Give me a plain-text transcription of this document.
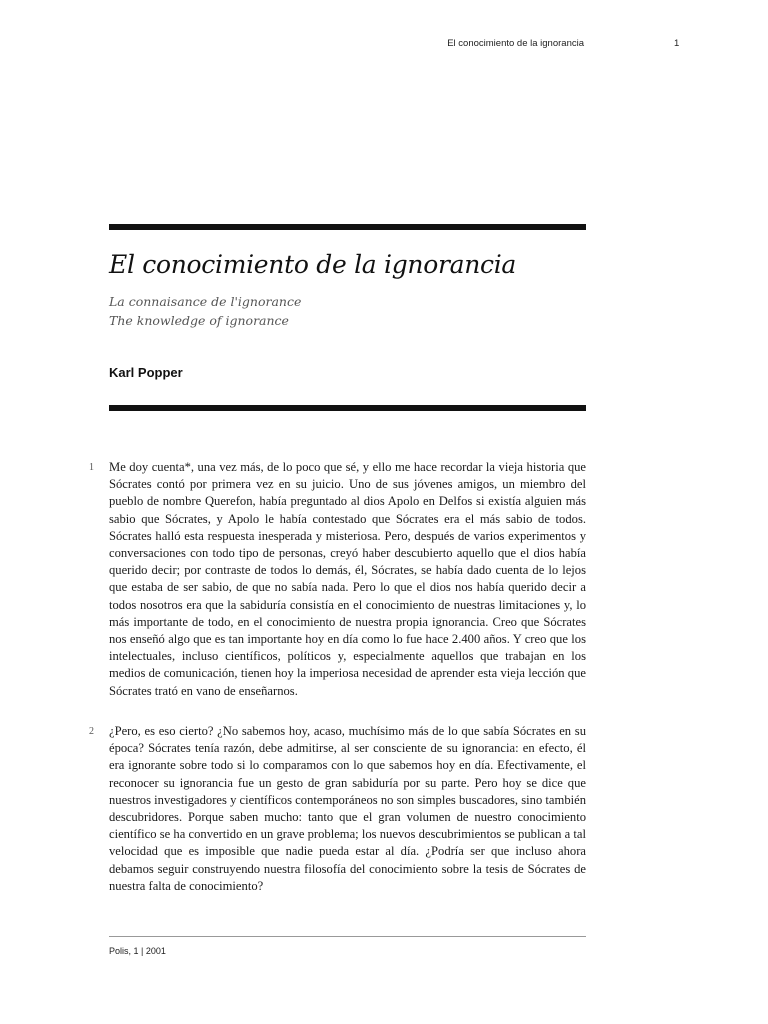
El conocimiento de la ignorancia	1
El conocimiento de la ignorancia
La connaisance de l'ignorance
The knowledge of ignorance
Karl Popper
1 Me doy cuenta*, una vez más, de lo poco que sé, y ello me hace recordar la vieja historia que Sócrates contó por primera vez en su juicio. Uno de sus jóvenes amigos, un miembro del pueblo de nombre Querefon, había preguntado al dios Apolo en Delfos si existía alguien más sabio que Sócrates, y Apolo le había contestado que Sócrates era el más sabio de todos. Sócrates halló esta respuesta inesperada y misteriosa. Pero, después de varios experimentos y conversaciones con todo tipo de personas, creyó haber descubierto aquello que el dios había querido decir; por contraste de todos lo demás, él, Sócrates, se había dado cuenta de lo lejos que estaba de ser sabio, de que no sabía nada. Pero lo que el dios nos había querido decir a todos nosotros era que la sabiduría consistía en el conocimiento de nuestras limitaciones y, lo más importante de todo, en el conocimiento de nuestra propia ignorancia. Creo que Sócrates nos enseñó algo que es tan importante hoy en día como lo fue hace 2.400 años. Y creo que los intelectuales, incluso científicos, políticos y, especialmente aquellos que trabajan en los medios de comunicación, tienen hoy la imperiosa necesidad de aprender esta vieja lección que Sócrates trató en vano de enseñarnos.

2 ¿Pero, es eso cierto? ¿No sabemos hoy, acaso, muchísimo más de lo que sabía Sócrates en su época? Sócrates tenía razón, debe admitirse, al ser consciente de su ignorancia: en efecto, él era ignorante sobre todo si lo comparamos con lo que sabemos hoy en día. Efectivamente, el reconocer su ignorancia fue un gesto de gran sabiduría por su parte. Pero hoy se dice que nuestros investigadores y científicos contemporáneos no son simples buscadores, sino también descubridores. Porque saben mucho: tanto que el gran volumen de nuestro conocimiento científico se ha convertido en un grave problema; los nuevos descubrimientos se publican a tal velocidad que es imposible que nadie pueda estar al día. ¿Podría ser que incluso ahora debamos seguir construyendo nuestra filosofía del conocimiento sobre la tesis de Sócrates de nuestra falta de conocimiento?

Polis, 1 | 2001
